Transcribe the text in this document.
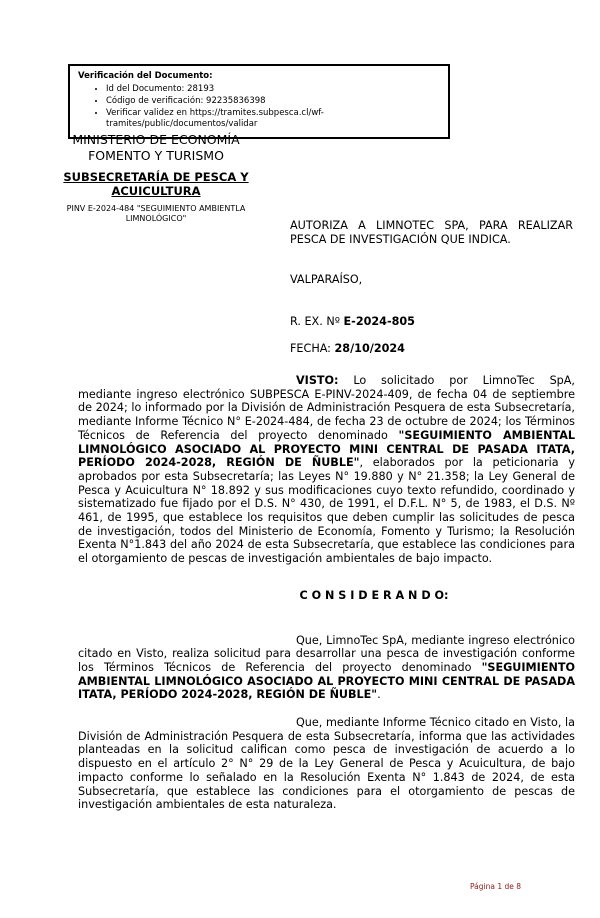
Verificación del Documento:
• Id del Documento: 28193
• Código de verificación: 92235836398
• Verificar validez en https://tramites.subpesca.cl/wf-tramites/public/documentos/validar
MINISTERIO DE ECONOMÍA
FOMENTO Y TURISMO
SUBSECRETARÍA DE PESCA Y ACUICULTURA
PINV E-2024-484 "SEGUIMIENTO AMBIENTLA LIMNOLÓGICO"
AUTORIZA A LIMNOTEC SPA, PARA REALIZAR PESCA DE INVESTIGACIÓN QUE INDICA.
VALPARAÍSO,
R. EX. Nº E-2024-805
FECHA: 28/10/2024

VISTO: Lo solicitado por LimnoTec SpA, mediante ingreso electrónico SUBPESCA E-PINV-2024-409, de fecha 04 de septiembre de 2024; lo informado por la División de Administración Pesquera de esta Subsecretaría, mediante Informe Técnico N° E-2024-484, de fecha 23 de octubre de 2024; los Términos Técnicos de Referencia del proyecto denominado "SEGUIMIENTO AMBIENTAL LIMNOLÓGICO ASOCIADO AL PROYECTO MINI CENTRAL DE PASADA ITATA, PERÍODO 2024-2028, REGIÓN DE ÑUBLE", elaborados por la peticionaria y aprobados por esta Subsecretaría; las Leyes N° 19.880 y N° 21.358; la Ley General de Pesca y Acuicultura N° 18.892 y sus modificaciones cuyo texto refundido, coordinado y sistematizado fue fijado por el D.S. N° 430, de 1991, el D.F.L. N° 5, de 1983, el D.S. Nº 461, de 1995, que establece los requisitos que deben cumplir las solicitudes de pesca de investigación, todos del Ministerio de Economía, Fomento y Turismo; la Resolución Exenta N°1.843 del año 2024 de esta Subsecretaría, que establece las condiciones para el otorgamiento de pescas de investigación ambientales de bajo impacto.

C O N S I D E R A N D O:

Que, LimnoTec SpA, mediante ingreso electrónico citado en Visto, realiza solicitud para desarrollar una pesca de investigación conforme los Términos Técnicos de Referencia del proyecto denominado "SEGUIMIENTO AMBIENTAL LIMNOLÓGICO ASOCIADO AL PROYECTO MINI CENTRAL DE PASADA ITATA, PERÍODO 2024-2028, REGIÓN DE ÑUBLE".

Que, mediante Informe Técnico citado en Visto, la División de Administración Pesquera de esta Subsecretaría, informa que las actividades planteadas en la solicitud califican como pesca de investigación de acuerdo a lo dispuesto en el artículo 2° N° 29 de la Ley General de Pesca y Acuicultura, de bajo impacto conforme lo señalado en la Resolución Exenta N° 1.843 de 2024, de esta Subsecretaría, que establece las condiciones para el otorgamiento de pescas de investigación ambientales de esta naturaleza.

Página 1 de 8
